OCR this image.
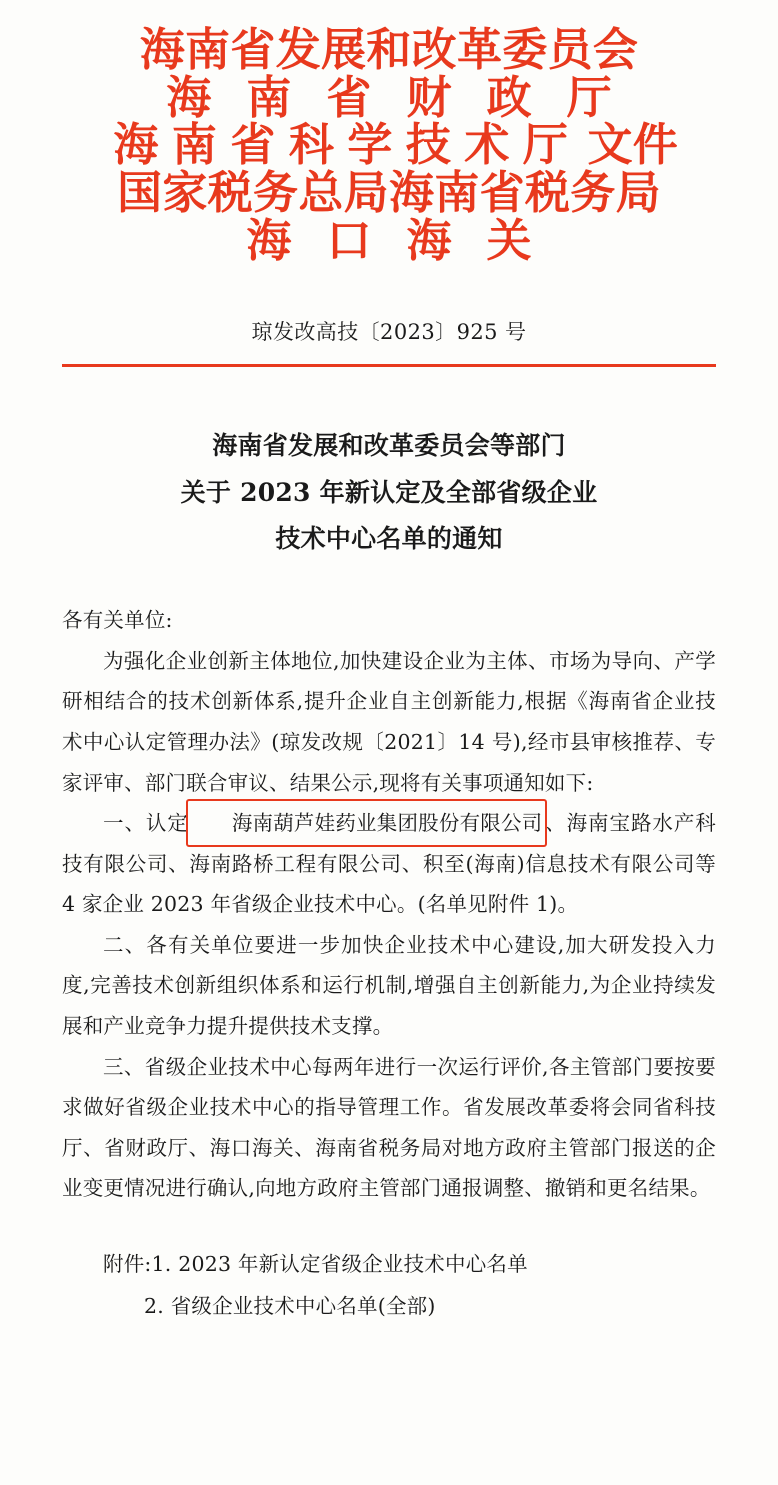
海南省发展和改革委员会
海南省财政厅
海南省科学技术厅 文件
国家税务总局海南省税务局
海口海关
琼发改高技〔2023〕925 号
海南省发展和改革委员会等部门
关于 2023 年新认定及全部省级企业
技术中心名单的通知
各有关单位:
为强化企业创新主体地位,加快建设企业为主体、市场为导向、产学研相结合的技术创新体系,提升企业自主创新能力,根据《海南省企业技术中心认定管理办法》(琼发改规〔2021〕14 号),经市县审核推荐、专家评审、部门联合审议、结果公示,现将有关事项通知如下:
一、认定 海南葫芦娃药业集团股份有限公司、海南宝路水产科技有限公司、海南路桥工程有限公司、积至(海南)信息技术有限公司等 4 家企业 2023 年省级企业技术中心。(名单见附件 1)。
二、各有关单位要进一步加快企业技术中心建设,加大研发投入力度,完善技术创新组织体系和运行机制,增强自主创新能力,为企业持续发展和产业竞争力提升提供技术支撑。
三、省级企业技术中心每两年进行一次运行评价,各主管部门要按要求做好省级企业技术中心的指导管理工作。省发展改革委将会同省科技厅、省财政厅、海口海关、海南省税务局对地方政府主管部门报送的企业变更情况进行确认,向地方政府主管部门通报调整、撤销和更名结果。
附件:1. 2023 年新认定省级企业技术中心名单
2. 省级企业技术中心名单(全部)
